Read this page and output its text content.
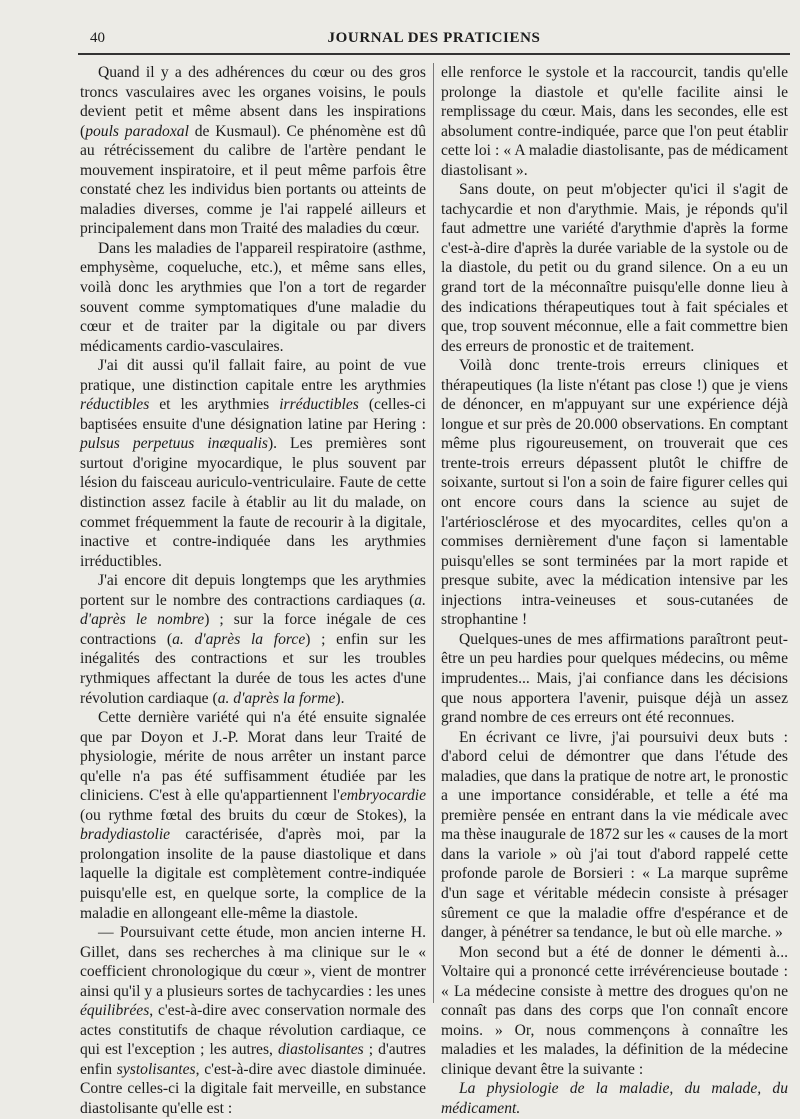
40	JOURNAL DES PRATICIENS

Quand il y a des adhérences du cœur ou des gros troncs vasculaires avec les organes voisins, le pouls devient petit et même absent dans les inspirations (pouls paradoxal de Kusmaul). Ce phénomène est dû au rétrécissement du calibre de l'artère pendant le mouvement inspiratoire, et il peut même parfois être constaté chez les individus bien portants ou atteints de maladies diverses, comme je l'ai rappelé ailleurs et principalement dans mon Traité des maladies du cœur.

Dans les maladies de l'appareil respiratoire (asthme, emphysème, coqueluche, etc.), et même sans elles, voilà donc les arythmies que l'on a tort de regarder souvent comme symptomatiques d'une maladie du cœur et de traiter par la digitale ou par divers médicaments cardio-vasculaires.

J'ai dit aussi qu'il fallait faire, au point de vue pratique, une distinction capitale entre les arythmies réductibles et les arythmies irréductibles (celles-ci baptisées ensuite d'une désignation latine par Hering : pulsus perpetuus inæqualis). Les premières sont surtout d'origine myocardique, le plus souvent par lésion du faisceau auriculo-ventriculaire. Faute de cette distinction assez facile à établir au lit du malade, on commet fréquemment la faute de recourir à la digitale, inactive et contre-indiquée dans les arythmies irréductibles.

J'ai encore dit depuis longtemps que les arythmies portent sur le nombre des contractions cardiaques (a. d'après le nombre) ; sur la force inégale de ces contractions (a. d'après la force) ; enfin sur les inégalités des contractions et sur les troubles rythmiques affectant la durée de tous les actes d'une révolution cardiaque (a. d'après la forme).

Cette dernière variété qui n'a été ensuite signalée que par Doyon et J.-P. Morat dans leur Traité de physiologie, mérite de nous arrêter un instant parce qu'elle n'a pas été suffisamment étudiée par les cliniciens. C'est à elle qu'appartiennent l'embryocardie (ou rythme fœtal des bruits du cœur de Stokes), la bradydiastolie caractérisée, d'après moi, par la prolongation insolite de la pause diastolique et dans laquelle la digitale est complètement contre-indiquée puisqu'elle est, en quelque sorte, la complice de la maladie en allongeant elle-même la diastole.

— Poursuivant cette étude, mon ancien interne H. Gillet, dans ses recherches à ma clinique sur le « coefficient chronologique du cœur », vient de montrer ainsi qu'il y a plusieurs sortes de tachycardies : les unes équilibrées, c'est-à-dire avec conservation normale des actes constitutifs de chaque révolution cardiaque, ce qui est l'exception ; les autres, diastolisantes ; d'autres enfin systolisantes, c'est-à-dire avec diastole diminuée. Contre celles-ci la digitale fait merveille, en substance diastolisante qu'elle est :

elle renforce le systole et la raccourcit, tandis qu'elle prolonge la diastole et qu'elle facilite ainsi le remplissage du cœur. Mais, dans les secondes, elle est absolument contre-indiquée, parce que l'on peut établir cette loi : « A maladie diastolisante, pas de médicament diastolisant ».

Sans doute, on peut m'objecter qu'ici il s'agit de tachycardie et non d'arythmie. Mais, je réponds qu'il faut admettre une variété d'arythmie d'après la forme c'est-à-dire d'après la durée variable de la systole ou de la diastole, du petit ou du grand silence. On a eu un grand tort de la méconnaître puisqu'elle donne lieu à des indications thérapeutiques tout à fait spéciales et que, trop souvent méconnue, elle a fait commettre bien des erreurs de pronostic et de traitement.

Voilà donc trente-trois erreurs cliniques et thérapeutiques (la liste n'étant pas close !) que je viens de dénoncer, en m'appuyant sur une expérience déjà longue et sur près de 20.000 observations. En comptant même plus rigoureusement, on trouverait que ces trente-trois erreurs dépassent plutôt le chiffre de soixante, surtout si l'on a soin de faire figurer celles qui ont encore cours dans la science au sujet de l'artériosclérose et des myocardites, celles qu'on a commises dernièrement d'une façon si lamentable puisqu'elles se sont terminées par la mort rapide et presque subite, avec la médication intensive par les injections intra-veineuses et sous-cutanées de strophantine !

Quelques-unes de mes affirmations paraîtront peut-être un peu hardies pour quelques médecins, ou même imprudentes... Mais, j'ai confiance dans les décisions que nous apportera l'avenir, puisque déjà un assez grand nombre de ces erreurs ont été reconnues.

En écrivant ce livre, j'ai poursuivi deux buts : d'abord celui de démontrer que dans l'étude des maladies, que dans la pratique de notre art, le pronostic a une importance considérable, et telle a été ma première pensée en entrant dans la vie médicale avec ma thèse inaugurale de 1872 sur les « causes de la mort dans la variole » où j'ai tout d'abord rappelé cette profonde parole de Borsieri : « La marque suprême d'un sage et véritable médecin consiste à présager sûrement ce que la maladie offre d'espérance et de danger, à pénétrer sa tendance, le but où elle marche. »

Mon second but a été de donner le démenti à... Voltaire qui a prononcé cette irrévérencieuse boutade : « La médecine consiste à mettre des drogues qu'on ne connaît pas dans des corps que l'on connaît encore moins. » Or, nous commençons à connaître les maladies et les malades, la définition de la médecine clinique devant être la suivante :

La physiologie de la maladie, du malade, du médicament.
